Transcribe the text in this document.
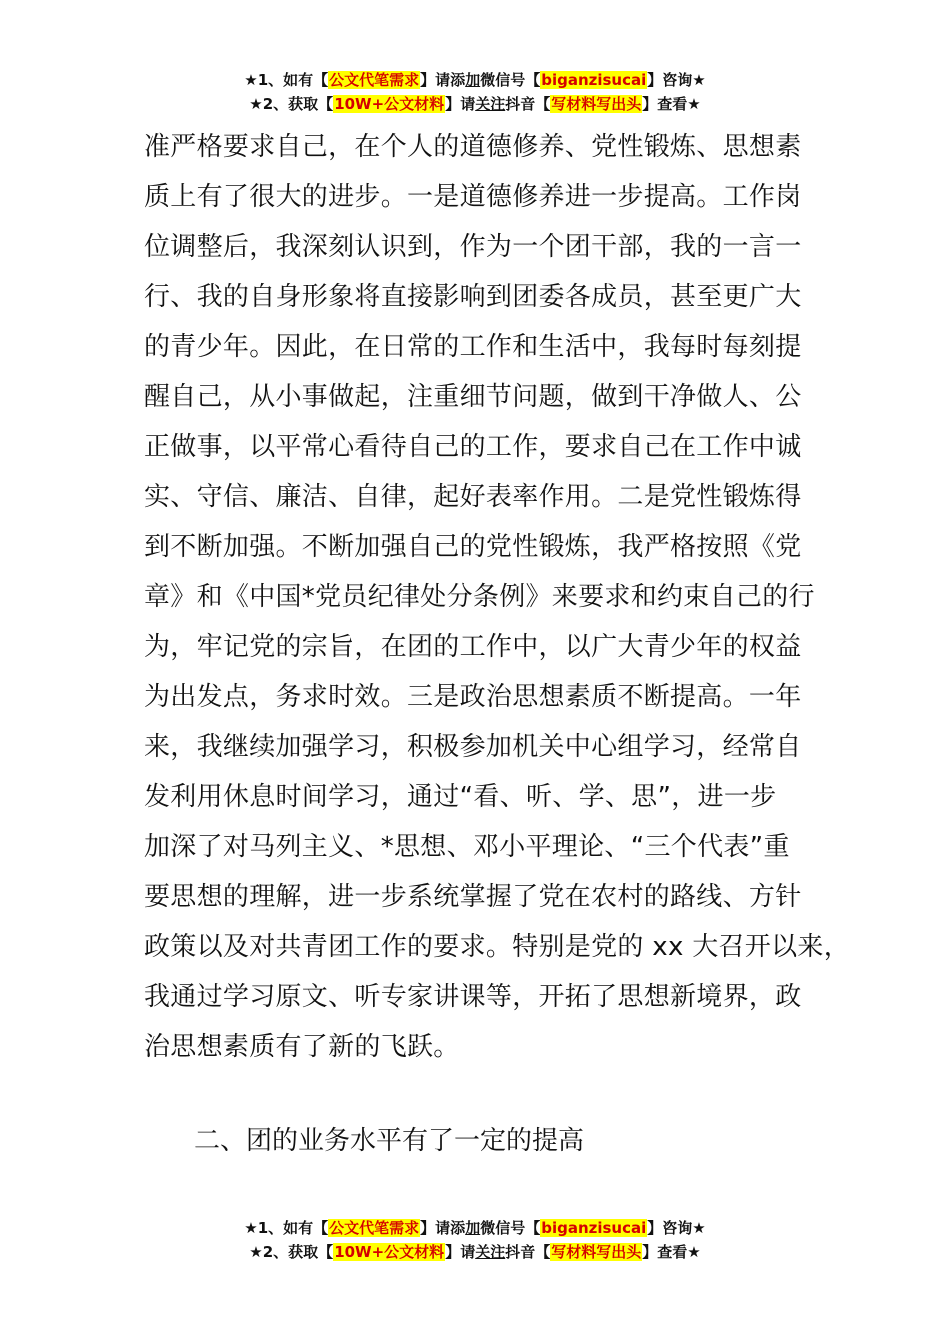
★1、如有【公文代笔需求】请添加微信号【biganzisucai】咨询★
★2、获取【10W+公文材料】请关注抖音【写材料写出头】查看★
准严格要求自己，在个人的道德修养、党性锻炼、思想素
质上有了很大的进步。一是道德修养进一步提高。工作岗
位调整后，我深刻认识到，作为一个团干部，我的一言一
行、我的自身形象将直接影响到团委各成员，甚至更广大
的青少年。因此，在日常的工作和生活中，我每时每刻提
醒自己，从小事做起，注重细节问题，做到干净做人、公
正做事，以平常心看待自己的工作，要求自己在工作中诚
实、守信、廉洁、自律，起好表率作用。二是党性锻炼得
到不断加强。不断加强自己的党性锻炼，我严格按照《党
章》和《中国*党员纪律处分条例》来要求和约束自己的行
为，牢记党的宗旨，在团的工作中，以广大青少年的权益
为出发点，务求时效。三是政治思想素质不断提高。一年
来，我继续加强学习，积极参加机关中心组学习，经常自
发利用休息时间学习，通过“看、听、学、思”，进一步
加深了对马列主义、*思想、邓小平理论、“三个代表”重
要思想的理解，进一步系统掌握了党在农村的路线、方针
政策以及对共青团工作的要求。特别是党的 xx 大召开以来，
我通过学习原文、听专家讲课等，开拓了思想新境界，政
治思想素质有了新的飞跃。
二、团的业务水平有了一定的提高
★1、如有【公文代笔需求】请添加微信号【biganzisucai】咨询★
★2、获取【10W+公文材料】请关注抖音【写材料写出头】查看★
